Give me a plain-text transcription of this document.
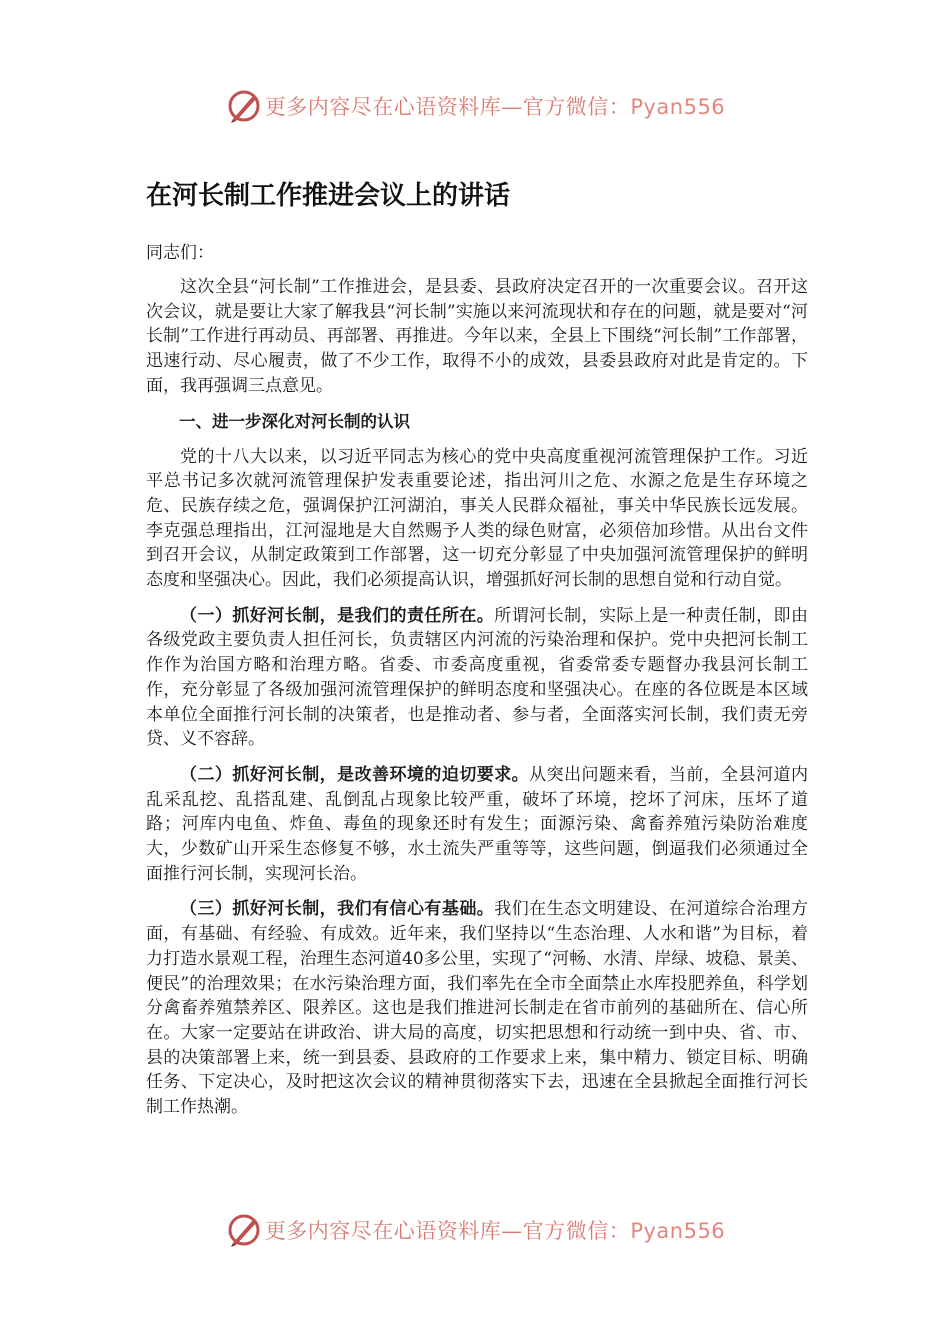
更多内容尽在心语资料库—官方微信：Pyan556
在河长制工作推进会议上的讲话

同志们：

这次全县“河长制”工作推进会，是县委、县政府决定召开的一次重要会议。召开这次会议，就是要让大家了解我县“河长制”实施以来河流现状和存在的问题，就是要对“河长制”工作进行再动员、再部署、再推进。今年以来，全县上下围绕“河长制”工作部署，迅速行动、尽心履责，做了不少工作，取得不小的成效，县委县政府对此是肯定的。下面，我再强调三点意见。

一、进一步深化对河长制的认识

党的十八大以来，以习近平同志为核心的党中央高度重视河流管理保护工作。习近平总书记多次就河流管理保护发表重要论述，指出河川之危、水源之危是生存环境之危、民族存续之危，强调保护江河湖泊，事关人民群众福祉，事关中华民族长远发展。李克强总理指出，江河湿地是大自然赐予人类的绿色财富，必须倍加珍惜。从出台文件到召开会议，从制定政策到工作部署，这一切充分彰显了中央加强河流管理保护的鲜明态度和坚强决心。因此，我们必须提高认识，增强抓好河长制的思想自觉和行动自觉。

（一）抓好河长制，是我们的责任所在。所谓河长制，实际上是一种责任制，即由各级党政主要负责人担任河长，负责辖区内河流的污染治理和保护。党中央把河长制工作作为治国方略和治理方略。省委、市委高度重视，省委常委专题督办我县河长制工作，充分彰显了各级加强河流管理保护的鲜明态度和坚强决心。在座的各位既是本区域本单位全面推行河长制的决策者，也是推动者、参与者，全面落实河长制，我们责无旁贷、义不容辞。

（二）抓好河长制，是改善环境的迫切要求。从突出问题来看，当前，全县河道内乱采乱挖、乱搭乱建、乱倒乱占现象比较严重，破坏了环境，挖坏了河床，压坏了道路；河库内电鱼、炸鱼、毒鱼的现象还时有发生；面源污染、禽畜养殖污染防治难度大，少数矿山开采生态修复不够，水土流失严重等等，这些问题，倒逼我们必须通过全面推行河长制，实现河长治。

（三）抓好河长制，我们有信心有基础。我们在生态文明建设、在河道综合治理方面，有基础、有经验、有成效。近年来，我们坚持以“生态治理、人水和谐”为目标，着力打造水景观工程，治理生态河道40多公里，实现了“河畅、水清、岸绿、坡稳、景美、便民”的治理效果；在水污染治理方面，我们率先在全市全面禁止水库投肥养鱼，科学划分禽畜养殖禁养区、限养区。这也是我们推进河长制走在省市前列的基础所在、信心所在。大家一定要站在讲政治、讲大局的高度，切实把思想和行动统一到中央、省、市、县的决策部署上来，统一到县委、县政府的工作要求上来，集中精力、锁定目标、明确任务、下定决心，及时把这次会议的精神贯彻落实下去，迅速在全县掀起全面推行河长制工作热潮。

更多内容尽在心语资料库—官方微信：Pyan556
